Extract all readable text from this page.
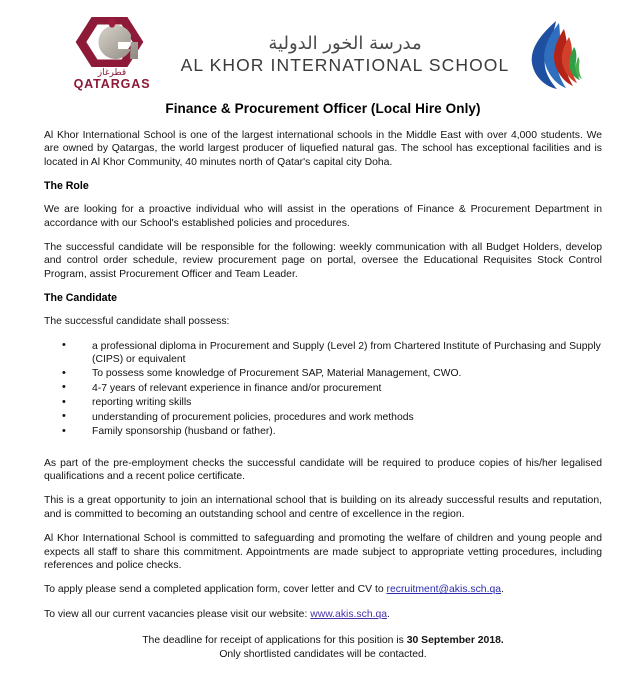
قطرغاز
QATARGAS
مدرسة الخور الدولية
AL KHOR INTERNATIONAL SCHOOL
Finance & Procurement Officer (Local Hire Only)

Al Khor International School is one of the largest international schools in the Middle East with over 4,000 students. We are owned by Qatargas, the world largest producer of liquefied natural gas. The school has exceptional facilities and is located in Al Khor Community, 40 minutes north of Qatar's capital city Doha.

The Role

We are looking for a proactive individual who will assist in the operations of Finance & Procurement Department in accordance with our School's established policies and procedures.

The successful candidate will be responsible for the following: weekly communication with all Budget Holders, develop and control order schedule, review procurement page on portal, oversee the Educational Requisites Stock Control Program, assist Procurement Officer and Team Leader.

The Candidate

The successful candidate shall possess:

• a professional diploma in Procurement and Supply (Level 2) from Chartered Institute of Purchasing and Supply (CIPS) or equivalent
• To possess some knowledge of Procurement SAP, Material Management, CWO.
• 4-7 years of relevant experience in finance and/or procurement
• reporting writing skills
• understanding of procurement policies, procedures and work methods
• Family sponsorship (husband or father).

As part of the pre-employment checks the successful candidate will be required to produce copies of his/her legalised qualifications and a recent police certificate.

This is a great opportunity to join an international school that is building on its already successful results and reputation, and is committed to becoming an outstanding school and centre of excellence in the region.

Al Khor International School is committed to safeguarding and promoting the welfare of children and young people and expects all staff to share this commitment. Appointments are made subject to appropriate vetting procedures, including references and police checks.

To apply please send a completed application form, cover letter and CV to recruitment@akis.sch.qa.

To view all our current vacancies please visit our website: www.akis.sch.qa.

The deadline for receipt of applications for this position is 30 September 2018.
Only shortlisted candidates will be contacted.
